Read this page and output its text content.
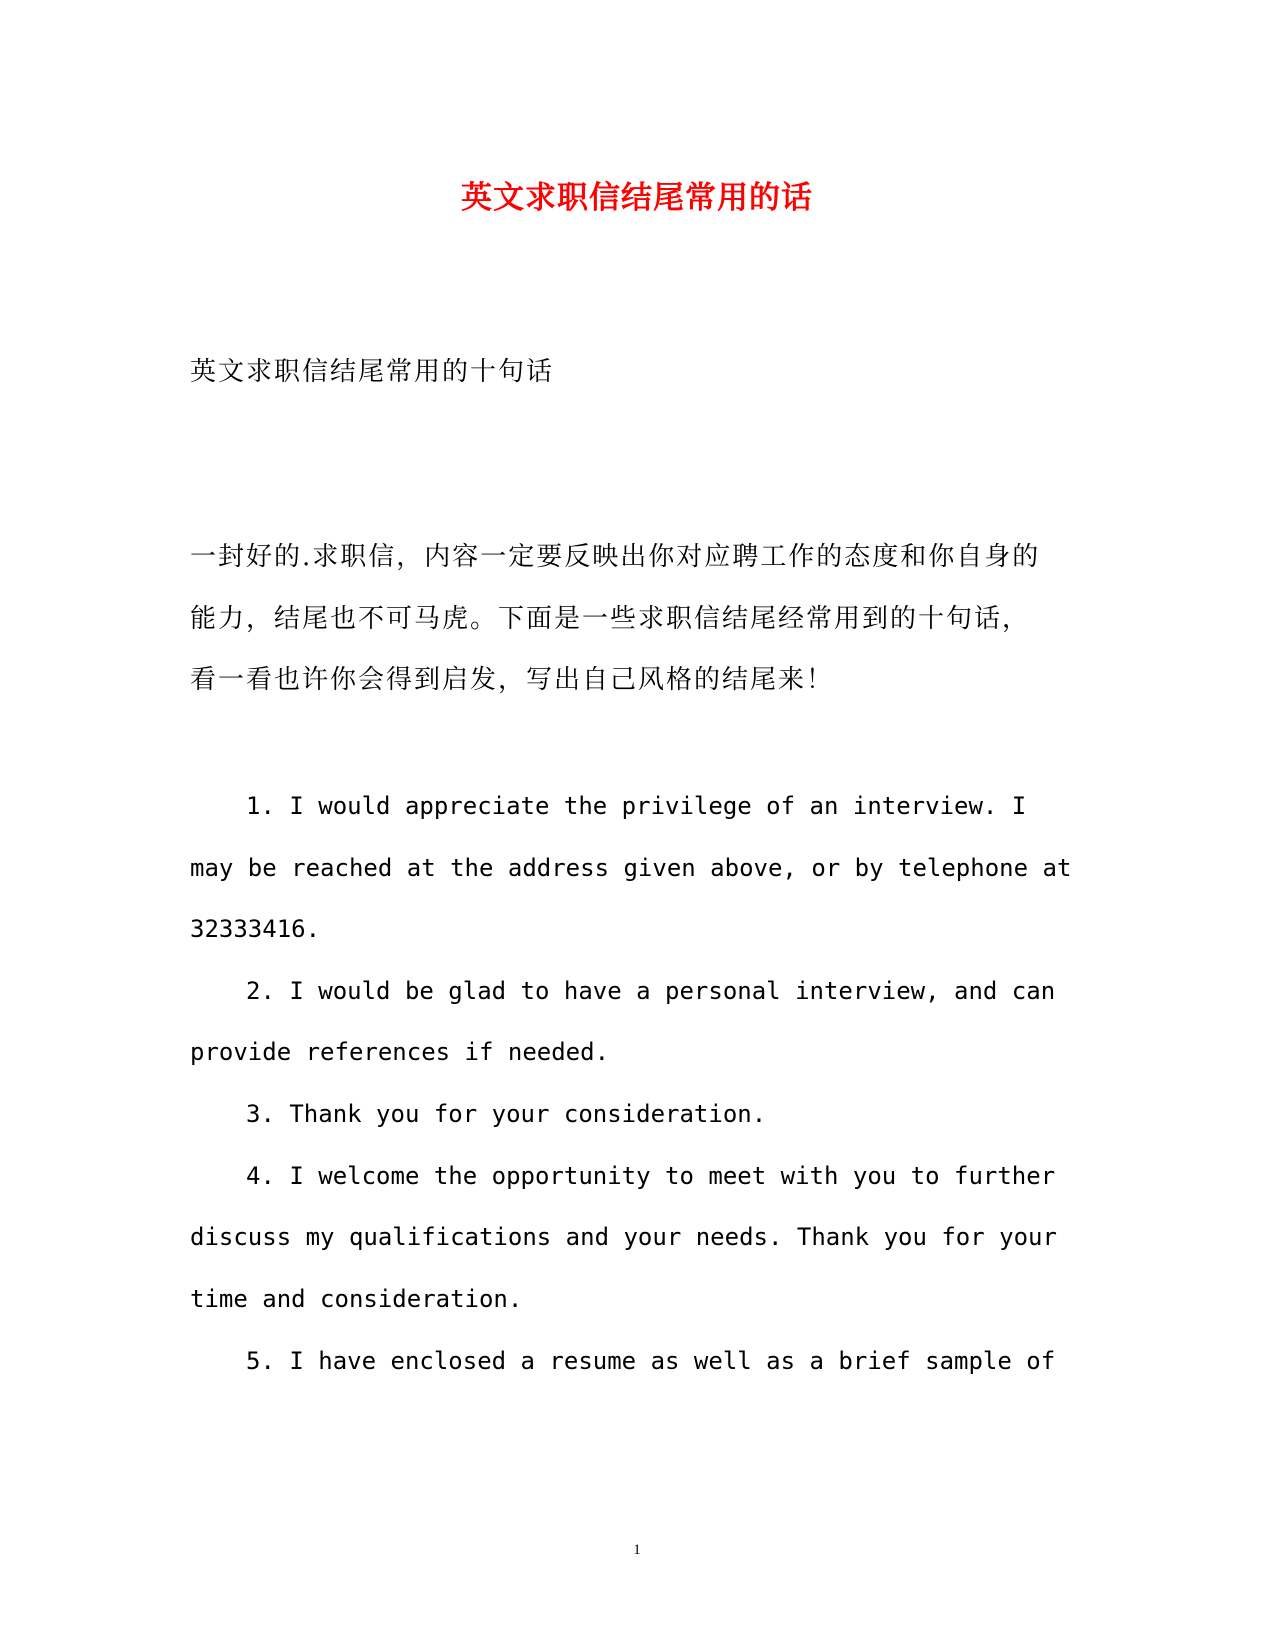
英文求职信结尾常用的话
英文求职信结尾常用的十句话
一封好的.求职信，内容一定要反映出你对应聘工作的态度和你自身的
能力，结尾也不可马虎。下面是一些求职信结尾经常用到的十句话，
看一看也许你会得到启发，写出自己风格的结尾来！
1. I would appreciate the privilege of an interview. I
may be reached at the address given above, or by telephone at
32333416.
2. I would be glad to have a personal interview, and can
provide references if needed.
3. Thank you for your consideration.
4. I welcome the opportunity to meet with you to further
discuss my qualifications and your needs. Thank you for your
time and consideration.
5. I have enclosed a resume as well as a brief sample of
1
